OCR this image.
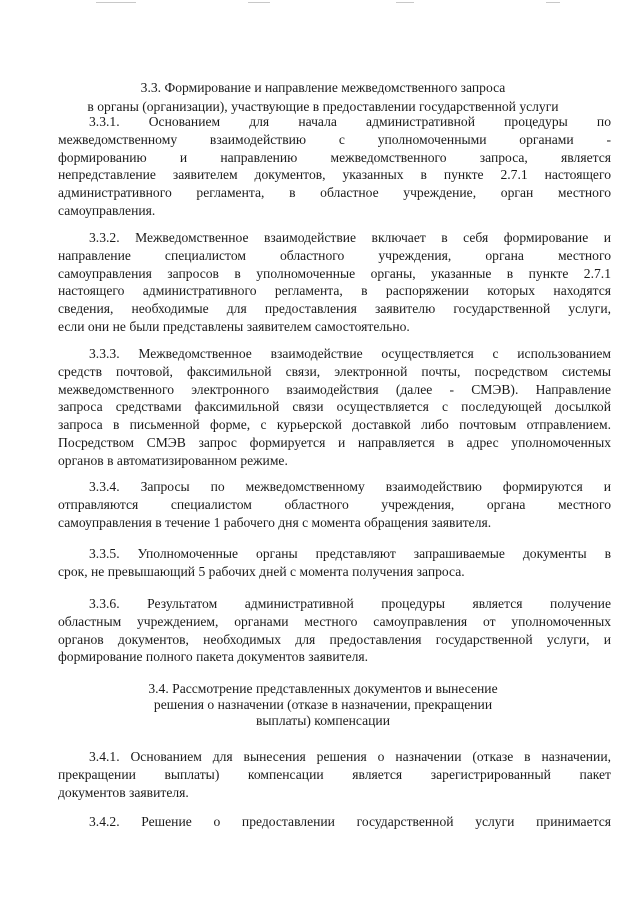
3.3. Формирование и направление межведомственного запроса
в органы (организации), участвующие в предоставлении государственной услуги
3.3.1. Основанием для начала административной процедуры по
межведомственному взаимодействию с уполномоченными органами -
формированию и направлению межведомственного запроса, является
непредставление заявителем документов, указанных в пункте 2.7.1 настоящего
административного регламента, в областное учреждение, орган местного
самоуправления.
3.3.2. Межведомственное взаимодействие включает в себя формирование и
направление специалистом областного учреждения, органа местного
самоуправления запросов в уполномоченные органы, указанные в пункте 2.7.1
настоящего административного регламента, в распоряжении которых находятся
сведения, необходимые для предоставления заявителю государственной услуги,
если они не были представлены заявителем самостоятельно.
3.3.3. Межведомственное взаимодействие осуществляется с использованием
средств почтовой, факсимильной связи, электронной почты, посредством системы
межведомственного электронного взаимодействия (далее - СМЭВ). Направление
запроса средствами факсимильной связи осуществляется с последующей досылкой
запроса в письменной форме, с курьерской доставкой либо почтовым отправлением.
Посредством СМЭВ запрос формируется и направляется в адрес уполномоченных
органов в автоматизированном режиме.
3.3.4. Запросы по межведомственному взаимодействию формируются и
отправляются специалистом областного учреждения, органа местного
самоуправления в течение 1 рабочего дня с момента обращения заявителя.
3.3.5. Уполномоченные органы представляют запрашиваемые документы в
срок, не превышающий 5 рабочих дней с момента получения запроса.
3.3.6. Результатом административной процедуры является получение
областным учреждением, органами местного самоуправления от уполномоченных
органов документов, необходимых для предоставления государственной услуги, и
формирование полного пакета документов заявителя.
3.4. Рассмотрение представленных документов и вынесение
решения о назначении (отказе в назначении, прекращении
выплаты) компенсации
3.4.1. Основанием для вынесения решения о назначении (отказе в назначении,
прекращении выплаты) компенсации является зарегистрированный пакет
документов заявителя.
3.4.2. Решение о предоставлении государственной услуги принимается
